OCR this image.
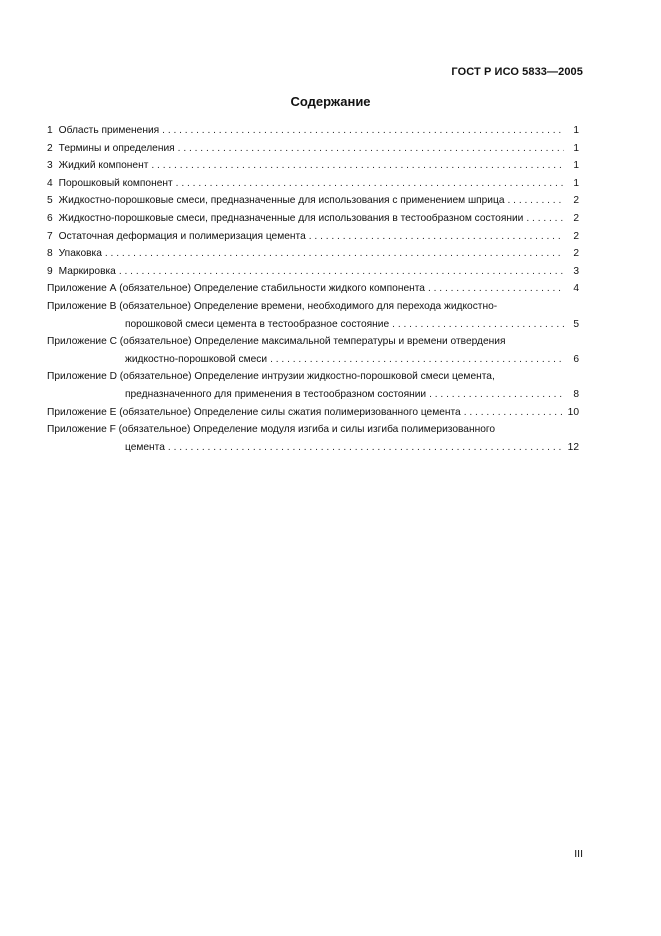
ГОСТ Р ИСО 5833—2005
Содержание
1 Область применения . . .	1
2 Термины и определения . . .	1
3 Жидкий компонент . . .	1
4 Порошковый компонент . . .	1
5 Жидкостно-порошковые смеси, предназначенные для использования с применением шприца . . .	2
6 Жидкостно-порошковые смеси, предназначенные для использования в тестообразном состоянии . . .	2
7 Остаточная деформация и полимеризация цемента . . .	2
8 Упаковка . . .	2
9 Маркировка . . .	3
Приложение А (обязательное) Определение стабильности жидкого компонента . . .	4
Приложение В (обязательное) Определение времени, необходимого для перехода жидкостно-
порошковой смеси цемента в тестообразное состояние . . .	5
Приложение С (обязательное) Определение максимальной температуры и времени отвердения
жидкостно-порошковой смеси . . .	6
Приложение D (обязательное) Определение интрузии жидкостно-порошковой смеси цемента,
предназначенного для применения в тестообразном состоянии . . .	8
Приложение Е (обязательное) Определение силы сжатия полимеризованного цемента . . .	10
Приложение F (обязательное) Определение модуля изгиба и силы изгиба полимеризованного
цемента . . .	12
III
